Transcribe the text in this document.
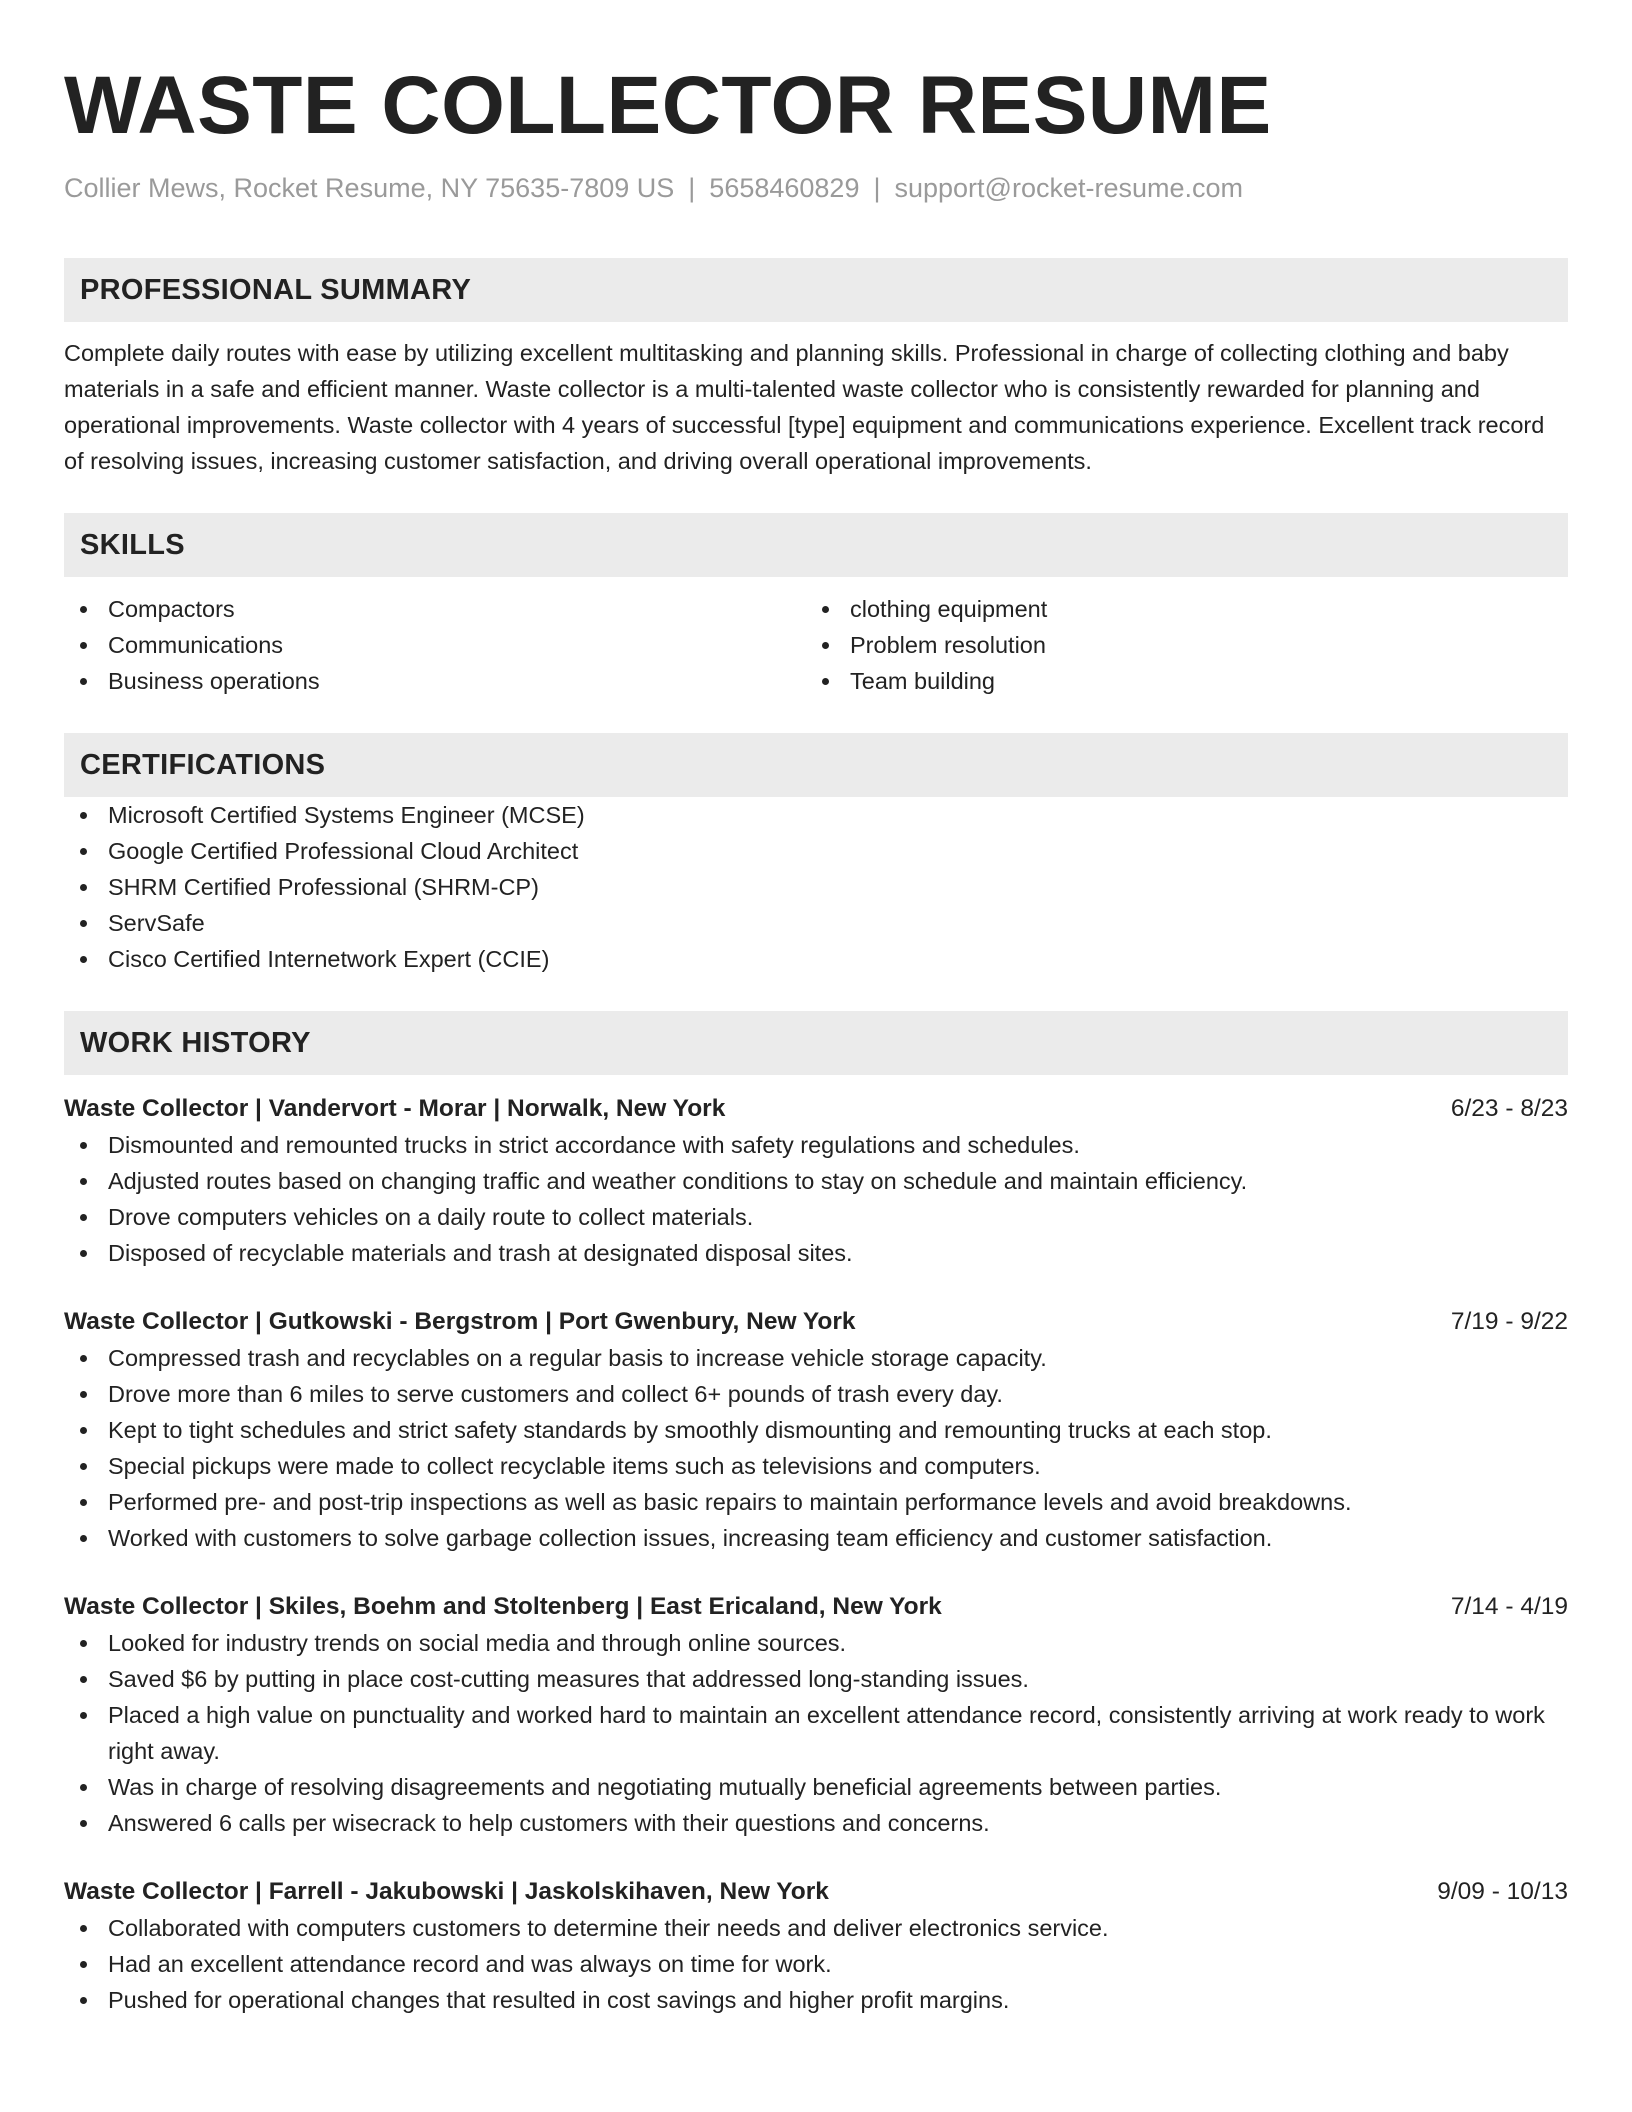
WASTE COLLECTOR RESUME
Collier Mews, Rocket Resume, NY 75635-7809 US | 5658460829 | support@rocket-resume.com
PROFESSIONAL SUMMARY
Complete daily routes with ease by utilizing excellent multitasking and planning skills. Professional in charge of collecting clothing and baby materials in a safe and efficient manner. Waste collector is a multi-talented waste collector who is consistently rewarded for planning and operational improvements. Waste collector with 4 years of successful [type] equipment and communications experience. Excellent track record of resolving issues, increasing customer satisfaction, and driving overall operational improvements.
SKILLS
Compactors
Communications
Business operations
clothing equipment
Problem resolution
Team building
CERTIFICATIONS
Microsoft Certified Systems Engineer (MCSE)
Google Certified Professional Cloud Architect
SHRM Certified Professional (SHRM-CP)
ServSafe
Cisco Certified Internetwork Expert (CCIE)
WORK HISTORY
Waste Collector | Vandervort - Morar | Norwalk, New York	6/23 - 8/23
Dismounted and remounted trucks in strict accordance with safety regulations and schedules.
Adjusted routes based on changing traffic and weather conditions to stay on schedule and maintain efficiency.
Drove computers vehicles on a daily route to collect materials.
Disposed of recyclable materials and trash at designated disposal sites.
Waste Collector | Gutkowski - Bergstrom | Port Gwenbury, New York	7/19 - 9/22
Compressed trash and recyclables on a regular basis to increase vehicle storage capacity.
Drove more than 6 miles to serve customers and collect 6+ pounds of trash every day.
Kept to tight schedules and strict safety standards by smoothly dismounting and remounting trucks at each stop.
Special pickups were made to collect recyclable items such as televisions and computers.
Performed pre- and post-trip inspections as well as basic repairs to maintain performance levels and avoid breakdowns.
Worked with customers to solve garbage collection issues, increasing team efficiency and customer satisfaction.
Waste Collector | Skiles, Boehm and Stoltenberg | East Ericaland, New York	7/14 - 4/19
Looked for industry trends on social media and through online sources.
Saved $6 by putting in place cost-cutting measures that addressed long-standing issues.
Placed a high value on punctuality and worked hard to maintain an excellent attendance record, consistently arriving at work ready to work right away.
Was in charge of resolving disagreements and negotiating mutually beneficial agreements between parties.
Answered 6 calls per wisecrack to help customers with their questions and concerns.
Waste Collector | Farrell - Jakubowski | Jaskolskihaven, New York	9/09 - 10/13
Collaborated with computers customers to determine their needs and deliver electronics service.
Had an excellent attendance record and was always on time for work.
Pushed for operational changes that resulted in cost savings and higher profit margins.
